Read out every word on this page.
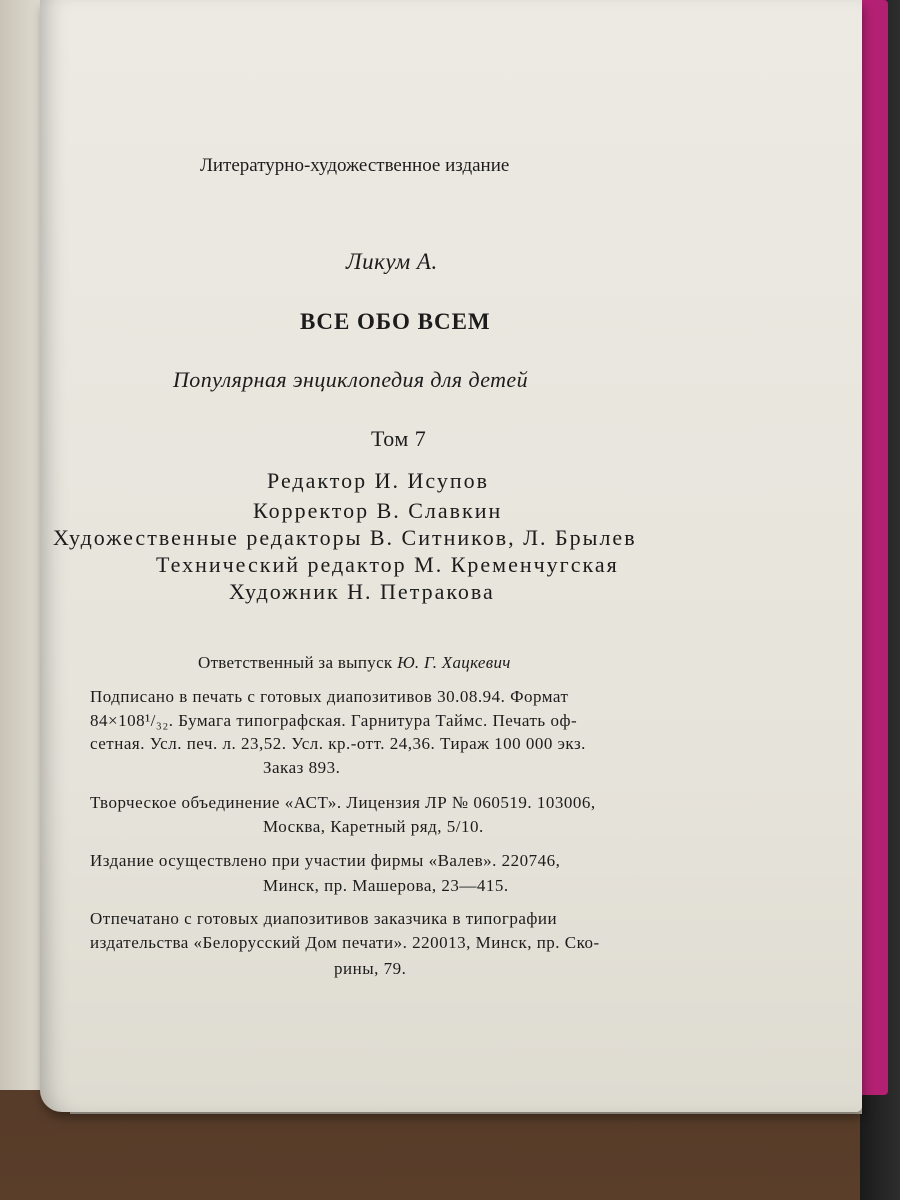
Литературно-художественное издание
Ликум А.
ВСЕ ОБО ВСЕМ
Популярная энциклопедия для детей
Том 7
Редактор И. Исупов
Корректор В. Славкин
Художественные редакторы В. Ситников, Л. Брылев
Технический редактор М. Кременчугская
Художник Н. Петракова
Ответственный за выпуск Ю. Г. Хацкевич
Подписано в печать с готовых диапозитивов 30.08.94. Формат
84×108¹/₃₂. Бумага типографская. Гарнитура Таймс. Печать оф-
сетная. Усл. печ. л. 23,52. Усл. кр.-отт. 24,36. Тираж 100 000 экз.
Заказ 893.
Творческое объединение «АСТ». Лицензия ЛР № 060519. 103006,
Москва, Каретный ряд, 5/10.
Издание осуществлено при участии фирмы «Валев». 220746,
Минск, пр. Машерова, 23—415.
Отпечатано с готовых диапозитивов заказчика в типографии
издательства «Белорусский Дом печати». 220013, Минск, пр. Ско-
рины, 79.
